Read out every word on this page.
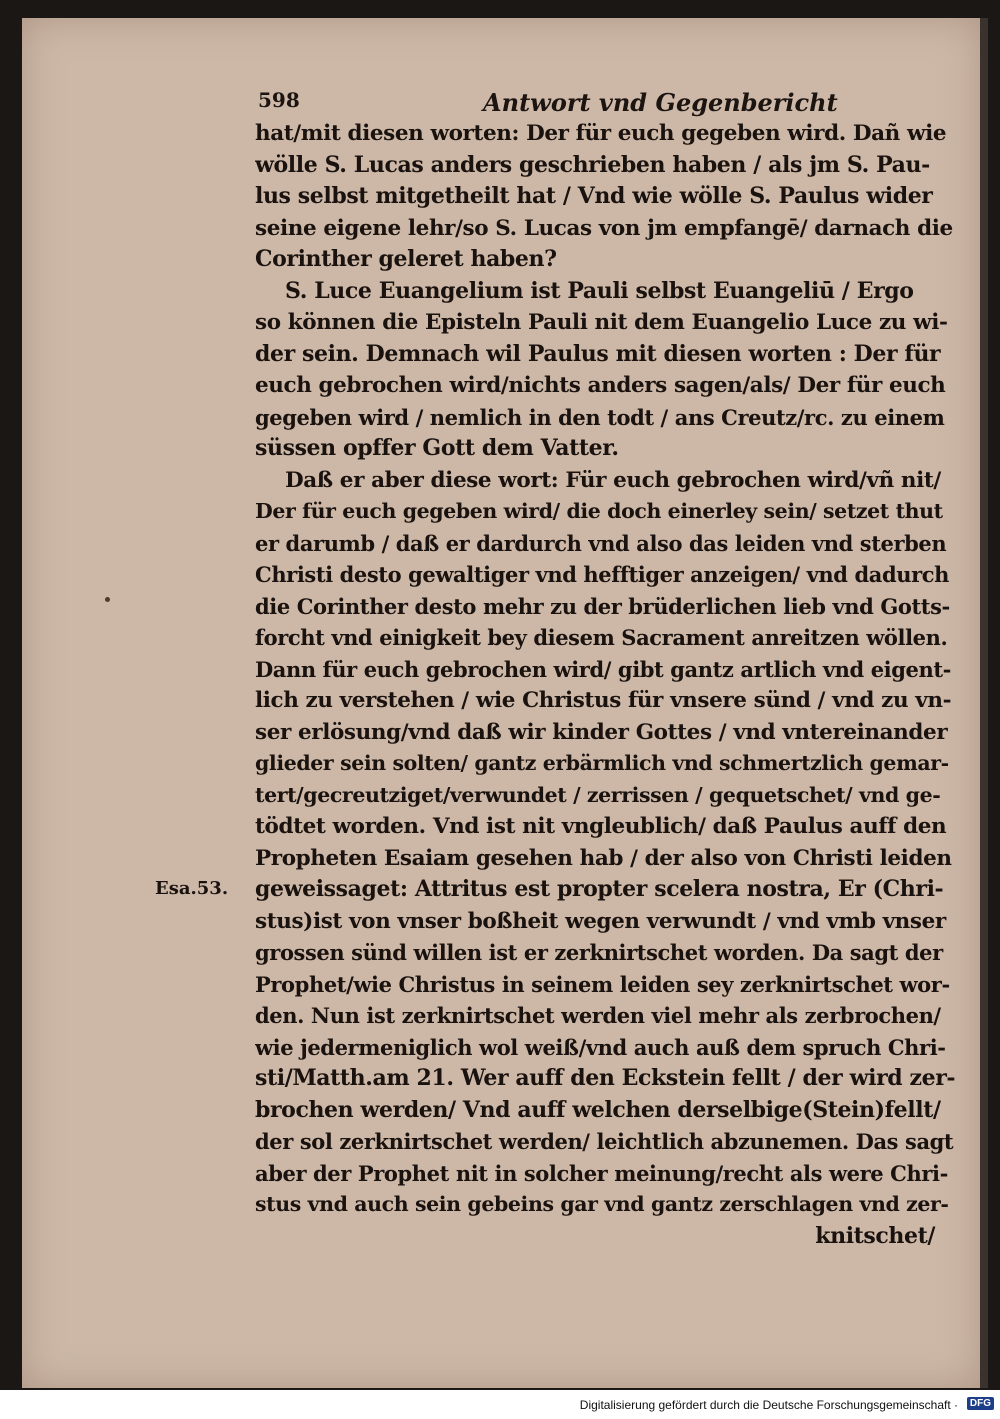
598	Antwort vnd Gegenbericht
Esa.53.
hat/mit diesen worten: Der für euch gegeben wird. Dañ wie
wölle S. Lucas anders geschrieben haben / als jm S. Pau-
lus selbst mitgetheilt hat / Vnd wie wölle S. Paulus wider
seine eigene lehr/so S. Lucas von jm empfangē/ darnach die
Corinther geleret haben?
S. Luce Euangelium ist Pauli selbst Euangeliū / Ergo
so können die Episteln Pauli nit dem Euangelio Luce zu wi-
der sein. Demnach wil Paulus mit diesen worten : Der für
euch gebrochen wird/nichts anders sagen/als/ Der für euch
gegeben wird / nemlich in den todt / ans Creutz/rc. zu einem
süssen opffer Gott dem Vatter.
Daß er aber diese wort: Für euch gebrochen wird/vñ nit/
Der für euch gegeben wird/ die doch einerley sein/ setzet thut
er darumb / daß er dardurch vnd also das leiden vnd sterben
Christi desto gewaltiger vnd hefftiger anzeigen/ vnd dadurch
die Corinther desto mehr zu der brüderlichen lieb vnd Gotts-
forcht vnd einigkeit bey diesem Sacrament anreitzen wöllen.
Dann für euch gebrochen wird/ gibt gantz artlich vnd eigent-
lich zu verstehen / wie Christus für vnsere sünd / vnd zu vn-
ser erlösung/vnd daß wir kinder Gottes / vnd vntereinander
glieder sein solten/ gantz erbärmlich vnd schmertzlich gemar-
tert/gecreutziget/verwundet / zerrissen / gequetschet/ vnd ge-
tödtet worden. Vnd ist nit vngleublich/ daß Paulus auff den
Propheten Esaiam gesehen hab / der also von Christi leiden
geweissaget: Attritus est propter scelera nostra, Er (Chri-
stus)ist von vnser boßheit wegen verwundt / vnd vmb vnser
grossen sünd willen ist er zerknirtschet worden. Da sagt der
Prophet/wie Christus in seinem leiden sey zerknirtschet wor-
den. Nun ist zerknirtschet werden viel mehr als zerbrochen/
wie jedermeniglich wol weiß/vnd auch auß dem spruch Chri-
sti/Matth.am 21. Wer auff den Eckstein fellt / der wird zer-
brochen werden/ Vnd auff welchen derselbige(Stein)fellt/
der sol zerknirtschet werden/ leichtlich abzunemen. Das sagt
aber der Prophet nit in solcher meinung/recht als were Chri-
stus vnd auch sein gebeins gar vnd gantz zerschlagen vnd zer-
knitschet/
Digitalisierung gefördert durch die Deutsche Forschungsgemeinschaft ·	DFG
